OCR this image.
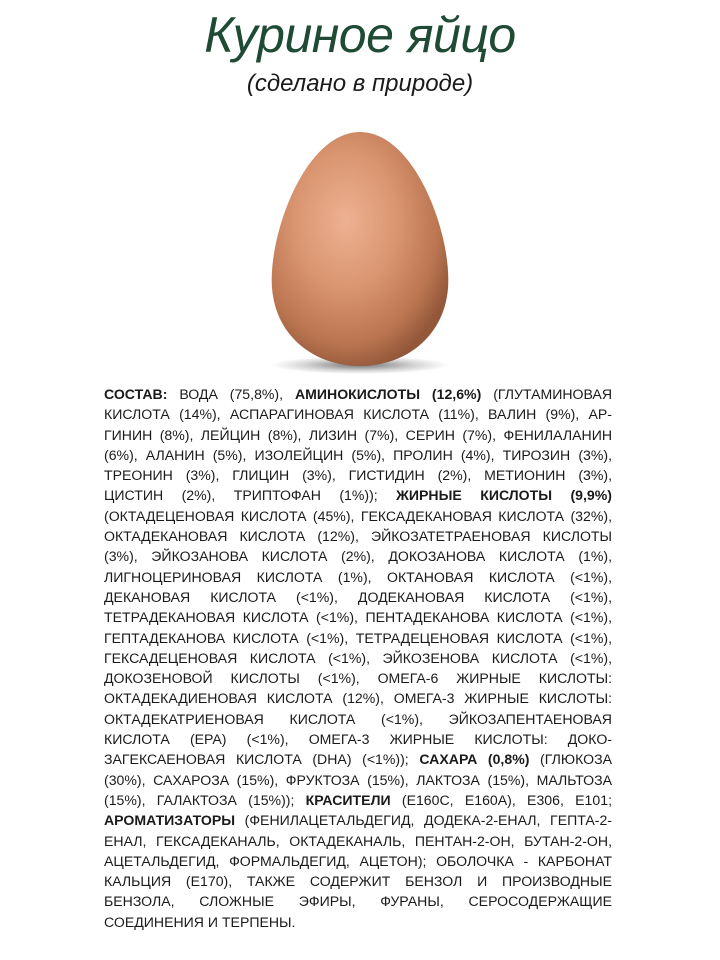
Куриное яйцо
(сделано в природе)
СОСТАВ: ВОДА (75,8%), АМИНОКИСЛОТЫ (12,6%) (ГЛУТАМИНОВАЯ КИСЛОТА (14%), АСПАРАГИНОВАЯ КИСЛОТА (11%), ВАЛИН (9%), АРГИНИН (8%), ЛЕЙЦИН (8%), ЛИЗИН (7%), СЕРИН (7%), ФЕНИЛАЛАНИН (6%), АЛАНИН (5%), ИЗОЛЕЙЦИН (5%), ПРОЛИН (4%), ТИРОЗИН (3%), ТРЕОНИН (3%), ГЛИЦИН (3%), ГИСТИДИН (2%), МЕТИОНИН (3%), ЦИСТИН (2%), ТРИПТОФАН (1%)); ЖИРНЫЕ КИСЛОТЫ (9,9%) (ОКТАДЕЦЕНОВАЯ КИСЛОТА (45%), ГЕКСАДЕКАНОВАЯ КИСЛОТА (32%), ОКТАДЕКАНОВАЯ КИСЛОТА (12%), ЭЙКОЗАТЕТРАЕНОВАЯ КИСЛОТЫ (3%), ЭЙКОЗАНОВА КИСЛОТА (2%), ДОКОЗАНОВА КИСЛОТА (1%), ЛИГНОЦЕРИНОВАЯ КИСЛОТА (1%), ОКТАНОВАЯ КИСЛОТА (<1%), ДЕКАНОВАЯ КИСЛОТА (<1%), ДОДЕКАНОВАЯ КИСЛОТА (<1%), ТЕТРАДЕКАНОВАЯ КИСЛОТА (<1%), ПЕНТАДЕКАНОВА КИСЛОТА (<1%), ГЕПТАДЕКАНОВА КИСЛОТА (<1%), ТЕТРАДЕЦЕНОВАЯ КИСЛОТА (<1%), ГЕКСАДЕЦЕНОВАЯ КИСЛОТА (<1%), ЭЙКОЗЕНОВА КИСЛОТА (<1%), ДОКОЗЕНОВОЙ КИСЛОТЫ (<1%), ОМЕГА-6 ЖИРНЫЕ КИСЛОТЫ: ОКТАДЕКАДИЕНОВАЯ КИСЛОТА (12%), ОМЕГА-3 ЖИРНЫЕ КИСЛОТЫ: ОКТАДЕКАТРИЕНОВАЯ КИСЛОТА (<1%), ЭЙКОЗАПЕНТАЕНОВАЯ КИСЛОТА (EPA) (<1%), ОМЕГА-3 ЖИРНЫЕ КИСЛОТЫ: ДОКОЗАГЕКСАЕНОВАЯ КИСЛОТА (DHA) (<1%)); САХАРА (0,8%) (ГЛЮКОЗА (30%), САХАРОЗА (15%), ФРУКТОЗА (15%), ЛАКТОЗА (15%), МАЛЬТОЗА (15%), ГАЛАКТОЗА (15%)); КРАСИТЕЛИ (E160C, E160A), E306, E101; АРОМАТИЗАТОРЫ (ФЕНИЛАЦЕТАЛЬДЕГИД, ДОДЕКА-2-ЕНАЛ, ГЕПТА-2-ЕНАЛ, ГЕКСАДЕКАНАЛЬ, ОКТАДЕКАНАЛЬ, ПЕНТАН-2-ОН, БУТАН-2-ОН, АЦЕТАЛЬДЕГИД, ФОРМАЛЬДЕГИД, АЦЕТОН); ОБОЛОЧКА - КАРБОНАТ КАЛЬЦИЯ (E170), ТАКЖЕ СОДЕРЖИТ БЕНЗОЛ И ПРОИЗВОДНЫЕ БЕНЗОЛА, СЛОЖНЫЕ ЭФИРЫ, ФУРАНЫ, СЕРОСОДЕРЖАЩИЕ СОЕДИНЕНИЯ И ТЕРПЕНЫ.
